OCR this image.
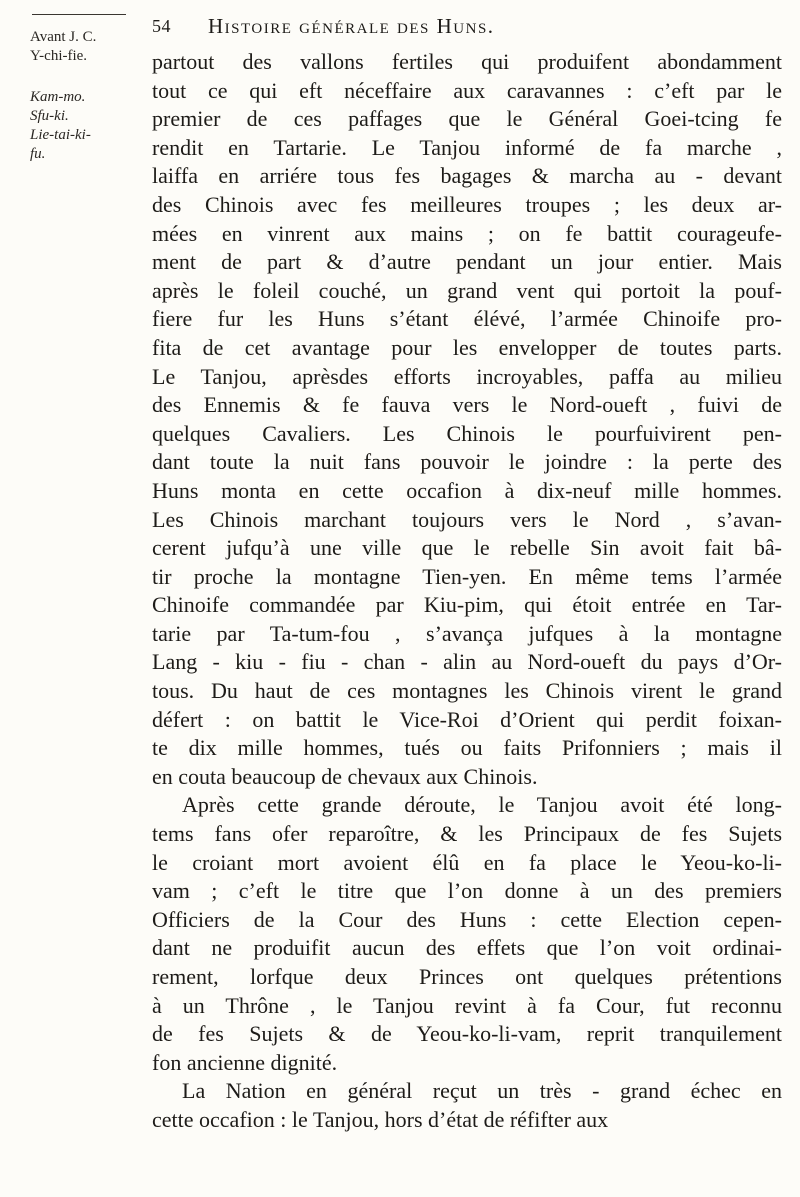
Avant J. C.
Y-chi-fie.
Kam-mo.
Sfu-ki.
Lie-tai-ki-
fu.
54 Histoire générale des Huns.
partout des vallons fertiles qui produifent abondamment
tout ce qui eft néceffaire aux caravannes : c’eft par le
premier de ces paffages que le Général Goei-tcing fe
rendit en Tartarie. Le Tanjou informé de fa marche ,
laiffa en arriére tous fes bagages & marcha au - devant
des Chinois avec fes meilleures troupes ; les deux ar-
mées en vinrent aux mains ; on fe battit courageufe-
ment de part & d’autre pendant un jour entier. Mais
après le foleil couché, un grand vent qui portoit la pouf-
fiere fur les Huns s’étant élévé, l’armée Chinoife pro-
fita de cet avantage pour les envelopper de toutes parts.
Le Tanjou, aprèsdes efforts incroyables, paffa au milieu
des Ennemis & fe fauva vers le Nord-oueft , fuivi de
quelques Cavaliers. Les Chinois le pourfuivirent pen-
dant toute la nuit fans pouvoir le joindre : la perte des
Huns monta en cette occafion à dix-neuf mille hommes.
Les Chinois marchant toujours vers le Nord , s’avan-
cerent jufqu’à une ville que le rebelle Sin avoit fait bâ-
tir proche la montagne Tien-yen. En même tems l’armée
Chinoife commandée par Kiu-pim, qui étoit entrée en Tar-
tarie par Ta-tum-fou , s’avança jufques à la montagne
Lang - kiu - fiu - chan - alin au Nord-oueft du pays d’Or-
tous. Du haut de ces montagnes les Chinois virent le grand
défert : on battit le Vice-Roi d’Orient qui perdit foixan-
te dix mille hommes, tués ou faits Prifonniers ; mais il
en couta beaucoup de chevaux aux Chinois.
Après cette grande déroute, le Tanjou avoit été long-
tems fans ofer reparoître, & les Principaux de fes Sujets
le croiant mort avoient élû en fa place le Yeou-ko-li-
vam ; c’eft le titre que l’on donne à un des premiers
Officiers de la Cour des Huns : cette Election cepen-
dant ne produifit aucun des effets que l’on voit ordinai-
rement, lorfque deux Princes ont quelques prétentions
à un Thrône , le Tanjou revint à fa Cour, fut reconnu
de fes Sujets & de Yeou-ko-li-vam, reprit tranquilement
fon ancienne dignité.
La Nation en général reçut un très - grand échec en
cette occafion : le Tanjou, hors d’état de réfifter aux
